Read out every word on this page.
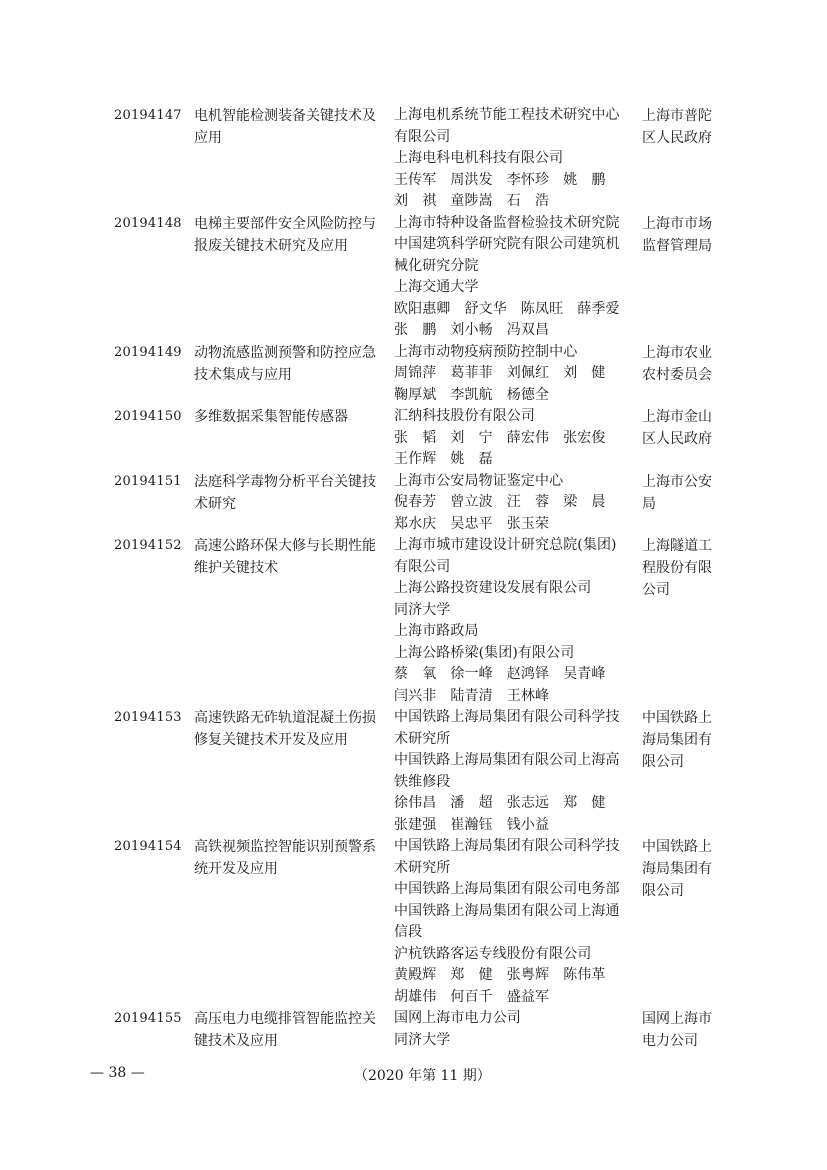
20194147 电机智能检测装备关键技术及
应用
上海电机系统节能工程技术研究中心
有限公司
上海电科电机科技有限公司
王传军　周洪发　李怀珍　姚　鹏
刘　祺　童陟嵩　石　浩
上海市普陀
区人民政府
20194148 电梯主要部件安全风险防控与
报废关键技术研究及应用
上海市特种设备监督检验技术研究院
中国建筑科学研究院有限公司建筑机
械化研究分院
上海交通大学
欧阳惠卿　舒文华　陈凤旺　薛季爱
张　鹏　刘小畅　冯双昌
上海市市场
监督管理局
20194149 动物流感监测预警和防控应急
技术集成与应用
上海市动物疫病预防控制中心
周锦萍　葛菲菲　刘佩红　刘　健
鞠厚斌　李凯航　杨德全
上海市农业
农村委员会
20194150 多维数据采集智能传感器	汇纳科技股份有限公司
张　韬　刘　宁　薛宏伟　张宏俊
王作辉　姚　磊
上海市金山
区人民政府
20194151 法庭科学毒物分析平台关键技
术研究
上海市公安局物证鉴定中心
倪春芳　曾立波　汪　蓉　梁　晨
郑水庆　吴忠平　张玉荣
上海市公安
局
20194152 高速公路环保大修与长期性能
维护关键技术
上海市城市建设设计研究总院(集团)
有限公司
上海公路投资建设发展有限公司
同济大学
上海市路政局
上海公路桥梁(集团)有限公司
蔡　氧　徐一峰　赵鸿铎　吴青峰
闫兴非　陆青清　王林峰
上海隧道工
程股份有限
公司
20194153 高速铁路无砟轨道混凝土伤损
修复关键技术开发及应用
中国铁路上海局集团有限公司科学技
术研究所
中国铁路上海局集团有限公司上海高
铁维修段
徐伟昌　潘　超　张志远　郑　健
张建强　崔瀚钰　钱小益
中国铁路上
海局集团有
限公司
20194154 高铁视频监控智能识别预警系
统开发及应用
中国铁路上海局集团有限公司科学技
术研究所
中国铁路上海局集团有限公司电务部
中国铁路上海局集团有限公司上海通
信段
沪杭铁路客运专线股份有限公司
黄殿辉　郑　健　张粤辉　陈伟革
胡雄伟　何百千　盛益军
中国铁路上
海局集团有
限公司
20194155 高压电力电缆排管智能监控关
键技术及应用
国网上海市电力公司
同济大学
国网上海市
电力公司
— 38 —	（2020 年第 11 期）
